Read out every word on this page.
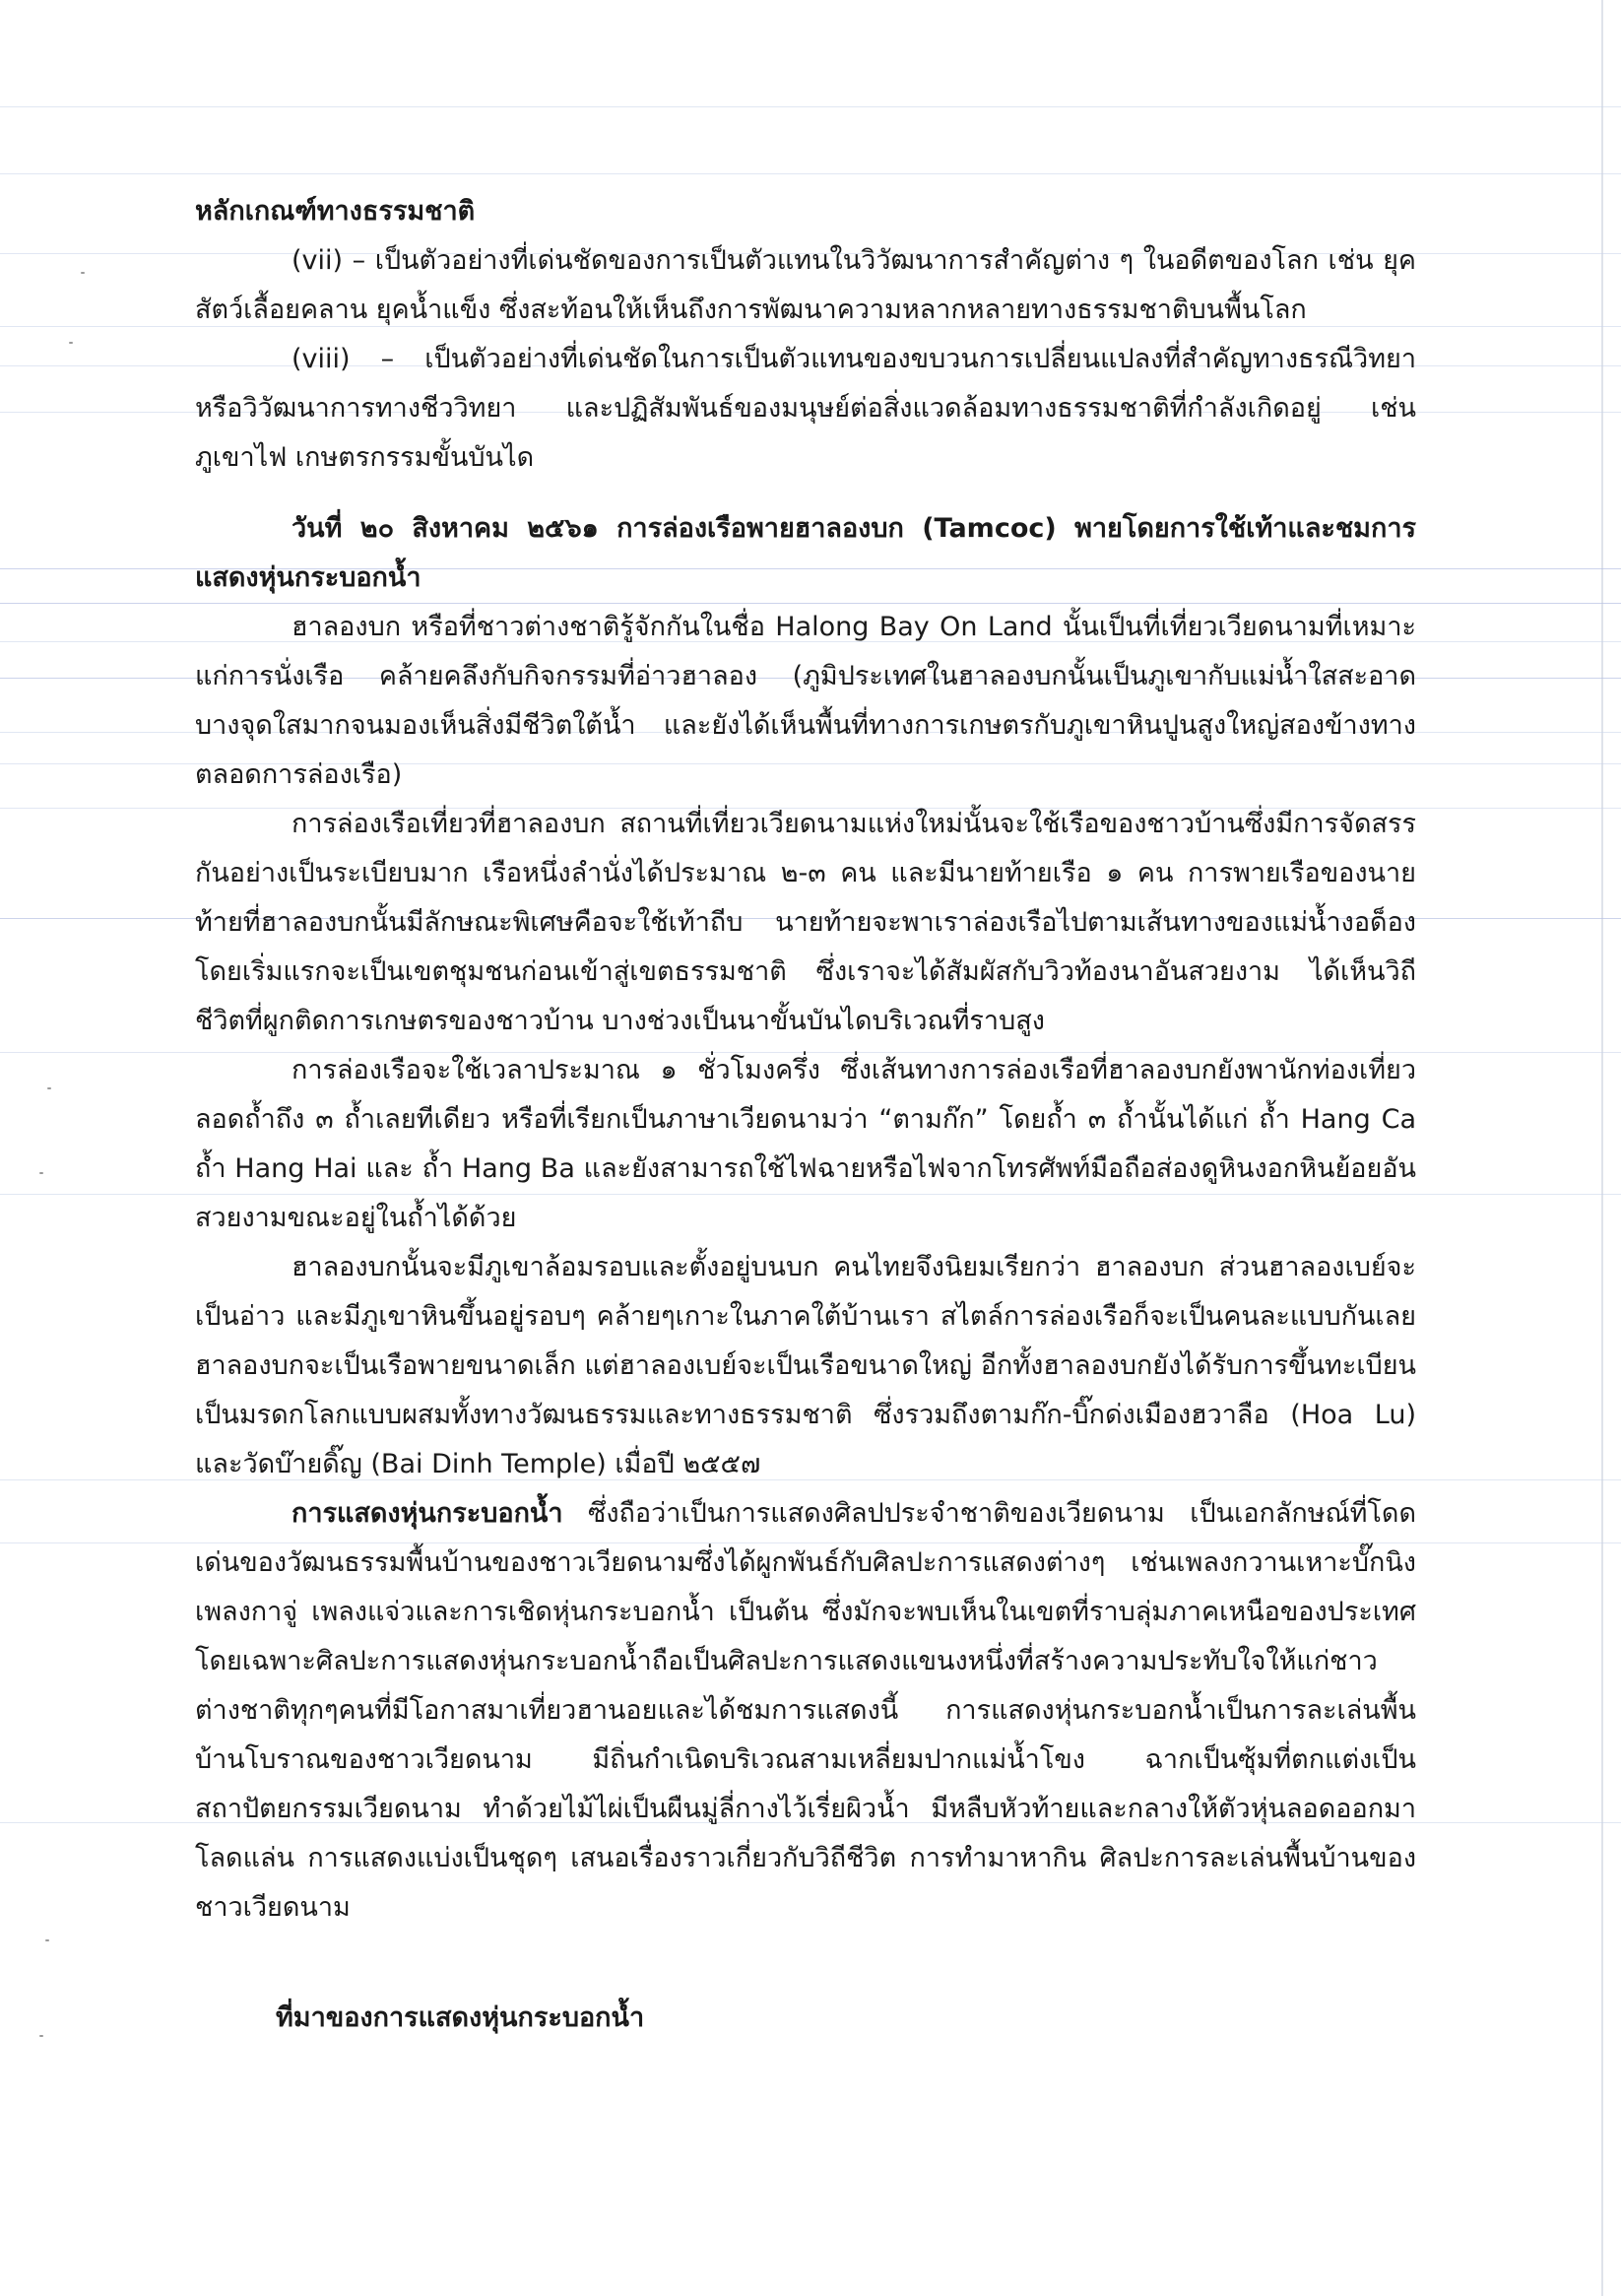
หลักเกณฑ์ทางธรรมชาติ

(vii) – เป็นตัวอย่างที่เด่นชัดของการเป็นตัวแทนในวิวัฒนาการสำคัญต่าง ๆ ในอดีตของโลก เช่น ยุคสัตว์เลื้อยคลาน ยุคน้ำแข็ง ซึ่งสะท้อนให้เห็นถึงการพัฒนาความหลากหลายทางธรรมชาติบนพื้นโลก

(viii) – เป็นตัวอย่างที่เด่นชัดในการเป็นตัวแทนของขบวนการเปลี่ยนแปลงที่สำคัญทางธรณีวิทยาหรือวิวัฒนาการทางชีววิทยา และปฏิสัมพันธ์ของมนุษย์ต่อสิ่งแวดล้อมทางธรรมชาติที่กำลังเกิดอยู่ เช่น ภูเขาไฟ เกษตรกรรมขั้นบันได

วันที่ ๒๐ สิงหาคม ๒๕๖๑ การล่องเรือพายฮาลองบก (Tamcoc) พายโดยการใช้เท้าและชมการแสดงหุ่นกระบอกน้ำ

ฮาลองบก หรือที่ชาวต่างชาติรู้จักกันในชื่อ Halong Bay On Land นั้นเป็นที่เที่ยวเวียดนามที่เหมาะแก่การนั่งเรือ คล้ายคลึงกับกิจกรรมที่อ่าวฮาลอง (ภูมิประเทศในฮาลองบกนั้นเป็นภูเขากับแม่น้ำใสสะอาด บางจุดใสมากจนมองเห็นสิ่งมีชีวิตใต้น้ำ และยังได้เห็นพื้นที่ทางการเกษตรกับภูเขาหินปูนสูงใหญ่สองข้างทางตลอดการล่องเรือ)

การล่องเรือเที่ยวที่ฮาลองบก สถานที่เที่ยวเวียดนามแห่งใหม่นั้นจะใช้เรือของชาวบ้านซึ่งมีการจัดสรรกันอย่างเป็นระเบียบมาก เรือหนึ่งลำนั่งได้ประมาณ ๒-๓ คน และมีนายท้ายเรือ ๑ คน การพายเรือของนายท้ายที่ฮาลองบกนั้นมีลักษณะพิเศษคือจะใช้เท้าถีบ นายท้ายจะพาเราล่องเรือไปตามเส้นทางของแม่น้ำงอด็อง โดยเริ่มแรกจะเป็นเขตชุมชนก่อนเข้าสู่เขตธรรมชาติ ซึ่งเราจะได้สัมผัสกับวิวท้องนาอันสวยงาม ได้เห็นวิถีชีวิตที่ผูกติดการเกษตรของชาวบ้าน บางช่วงเป็นนาขั้นบันไดบริเวณที่ราบสูง

การล่องเรือจะใช้เวลาประมาณ ๑ ชั่วโมงครึ่ง ซึ่งเส้นทางการล่องเรือที่ฮาลองบกยังพานักท่องเที่ยวลอดถ้ำถึง ๓ ถ้ำเลยทีเดียว หรือที่เรียกเป็นภาษาเวียดนามว่า “ตามก๊ก” โดยถ้ำ ๓ ถ้ำนั้นได้แก่ ถ้ำ Hang Ca ถ้ำ Hang Hai และ ถ้ำ Hang Ba และยังสามารถใช้ไฟฉายหรือไฟจากโทรศัพท์มือถือส่องดูหินงอกหินย้อยอันสวยงามขณะอยู่ในถ้ำได้ด้วย

ฮาลองบกนั้นจะมีภูเขาล้อมรอบและตั้งอยู่บนบก คนไทยจึงนิยมเรียกว่า ฮาลองบก ส่วนฮาลองเบย์จะเป็นอ่าว และมีภูเขาหินขึ้นอยู่รอบๆ คล้ายๆเกาะในภาคใต้บ้านเรา สไตล์การล่องเรือก็จะเป็นคนละแบบกันเลย ฮาลองบกจะเป็นเรือพายขนาดเล็ก แต่ฮาลองเบย์จะเป็นเรือขนาดใหญ่ อีกทั้งฮาลองบกยังได้รับการขึ้นทะเบียนเป็นมรดกโลกแบบผสมทั้งทางวัฒนธรรมและทางธรรมชาติ ซึ่งรวมถึงตามก๊ก-บิ๊กด่งเมืองฮวาลือ (Hoa Lu) และวัดบ๊ายดิ๊ญ (Bai Dinh Temple) เมื่อปี ๒๕๕๗

การแสดงหุ่นกระบอกน้ำ ซึ่งถือว่าเป็นการแสดงศิลปประจำชาติของเวียดนาม เป็นเอกลักษณ์ที่โดดเด่นของวัฒนธรรมพื้นบ้านของชาวเวียดนามซึ่งได้ผูกพันธ์กับศิลปะการแสดงต่างๆ เช่นเพลงกวานเหาะบั๊กนิงเพลงกาจู่ เพลงแจ่วและการเชิดหุ่นกระบอกน้ำ เป็นต้น ซึ่งมักจะพบเห็นในเขตที่ราบลุ่มภาคเหนือของประเทศ โดยเฉพาะศิลปะการแสดงหุ่นกระบอกน้ำถือเป็นศิลปะการแสดงแขนงหนึ่งที่สร้างความประทับใจให้แก่ชาวต่างชาติทุกๆคนที่มีโอกาสมาเที่ยวฮานอยและได้ชมการแสดงนี้ การแสดงหุ่นกระบอกน้ำเป็นการละเล่นพื้นบ้านโบราณของชาวเวียดนาม มีถิ่นกำเนิดบริเวณสามเหลี่ยมปากแม่น้ำโขง ฉากเป็นซุ้มที่ตกแต่งเป็นสถาปัตยกรรมเวียดนาม ทำด้วยไม้ไผ่เป็นผืนมู่ลี่กางไว้เรี่ยผิวน้ำ มีหลืบหัวท้ายและกลางให้ตัวหุ่นลอดออกมาโลดแล่น การแสดงแบ่งเป็นชุดๆ เสนอเรื่องราวเกี่ยวกับวิถีชีวิต การทำมาหากิน ศิลปะการละเล่นพื้นบ้านของชาวเวียดนาม

ที่มาของการแสดงหุ่นกระบอกน้ำ
